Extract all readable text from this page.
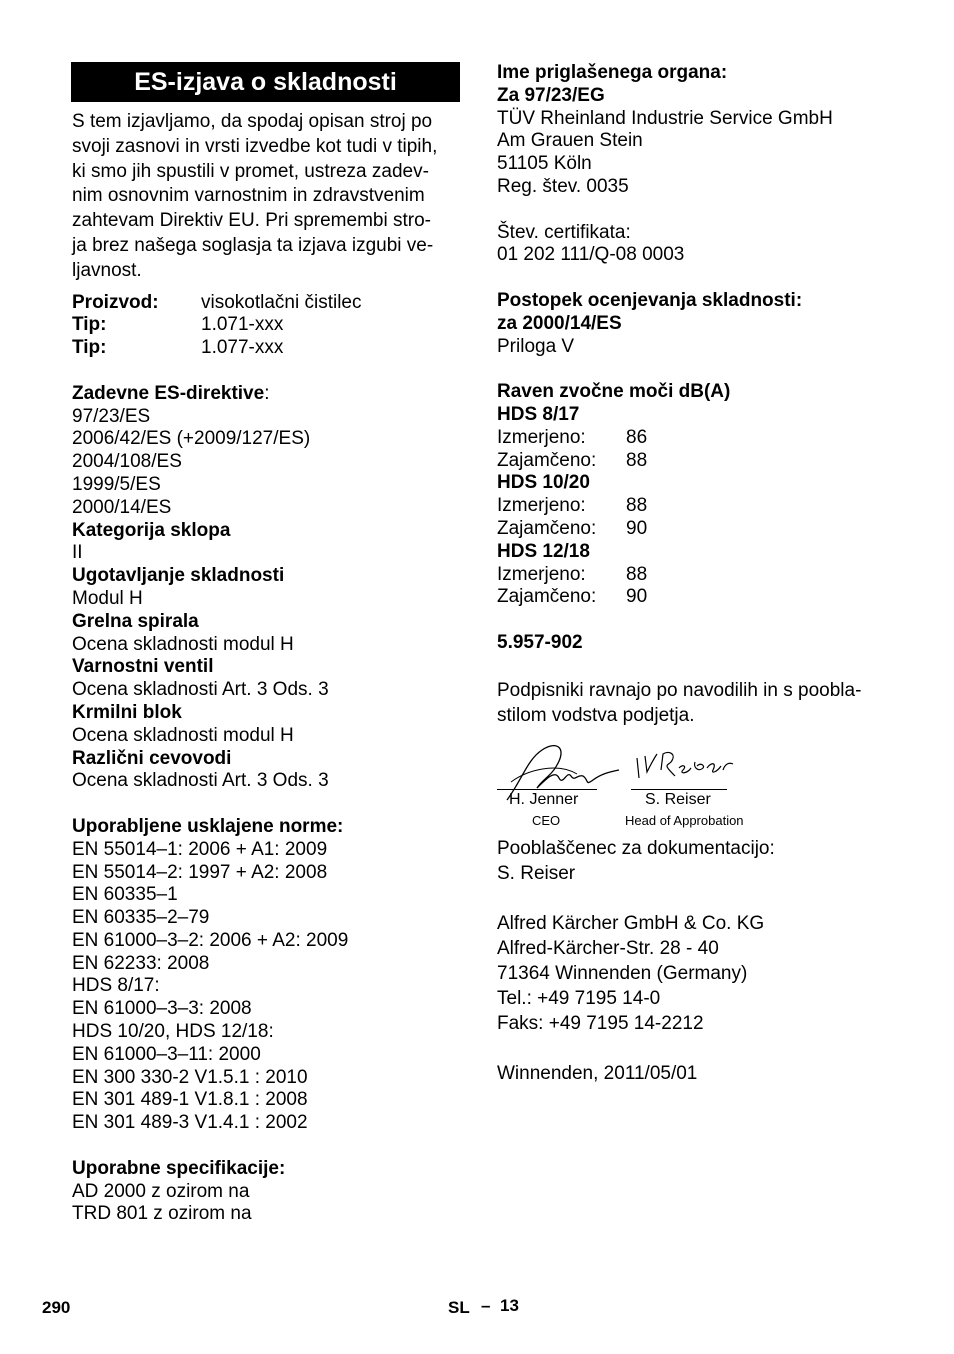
ES-izjava o skladnosti
S tem izjavljamo, da spodaj opisan stroj po
svoji zasnovi in vrsti izvedbe kot tudi v tipih,
ki smo jih spustili v promet, ustreza zadev-
nim osnovnim varnostnim in zdravstvenim
zahtevam Direktiv EU. Pri spremembi stro-
ja brez našega soglasja ta izjava izgubi ve-
ljavnost.
Proizvod:	visokotlačni čistilec
Tip:	1.071-xxx
Tip:	1.077-xxx
Zadevne ES-direktive:
97/23/ES
2006/42/ES (+2009/127/ES)
2004/108/ES
1999/5/ES
2000/14/ES
Kategorija sklopa
II
Ugotavljanje skladnosti
Modul H
Grelna spirala
Ocena skladnosti modul H
Varnostni ventil
Ocena skladnosti Art. 3 Ods. 3
Krmilni blok
Ocena skladnosti modul H
Različni cevovodi
Ocena skladnosti Art. 3 Ods. 3
Uporabljene usklajene norme:
EN 55014–1: 2006 + A1: 2009
EN 55014–2: 1997 + A2: 2008
EN 60335–1
EN 60335–2–79
EN 61000–3–2: 2006 + A2: 2009
EN 62233: 2008
HDS 8/17:
EN 61000–3–3: 2008
HDS 10/20, HDS 12/18:
EN 61000–3–11: 2000
EN 300 330-2 V1.5.1 : 2010
EN 301 489-1 V1.8.1 : 2008
EN 301 489-3 V1.4.1 : 2002
Uporabne specifikacije:
AD 2000 z ozirom na
TRD 801 z ozirom na
Ime priglašenega organa:
Za 97/23/EG
TÜV Rheinland Industrie Service GmbH
Am Grauen Stein
51105 Köln
Reg. štev. 0035
Štev. certifikata:
01 202 111/Q-08 0003
Postopek ocenjevanja skladnosti:
za 2000/14/ES
Priloga V
Raven zvočne moči dB(A)
HDS 8/17
Izmerjeno:	86
Zajamčeno:	88
HDS 10/20
Izmerjeno:	88
Zajamčeno:	90
HDS 12/18
Izmerjeno:	88
Zajamčeno:	90
5.957-902
Podpisniki ravnajo po navodilih in s poobla-
stilom vodstva podjetja.
H. Jenner
CEO
S. Reiser
Head of Approbation
Pooblaščenec za dokumentacijo:
S. Reiser
Alfred Kärcher GmbH & Co. KG
Alfred-Kärcher-Str. 28 - 40
71364 Winnenden (Germany)
Tel.: +49 7195 14-0
Faks: +49 7195 14-2212
Winnenden, 2011/05/01
290	SL – 13
